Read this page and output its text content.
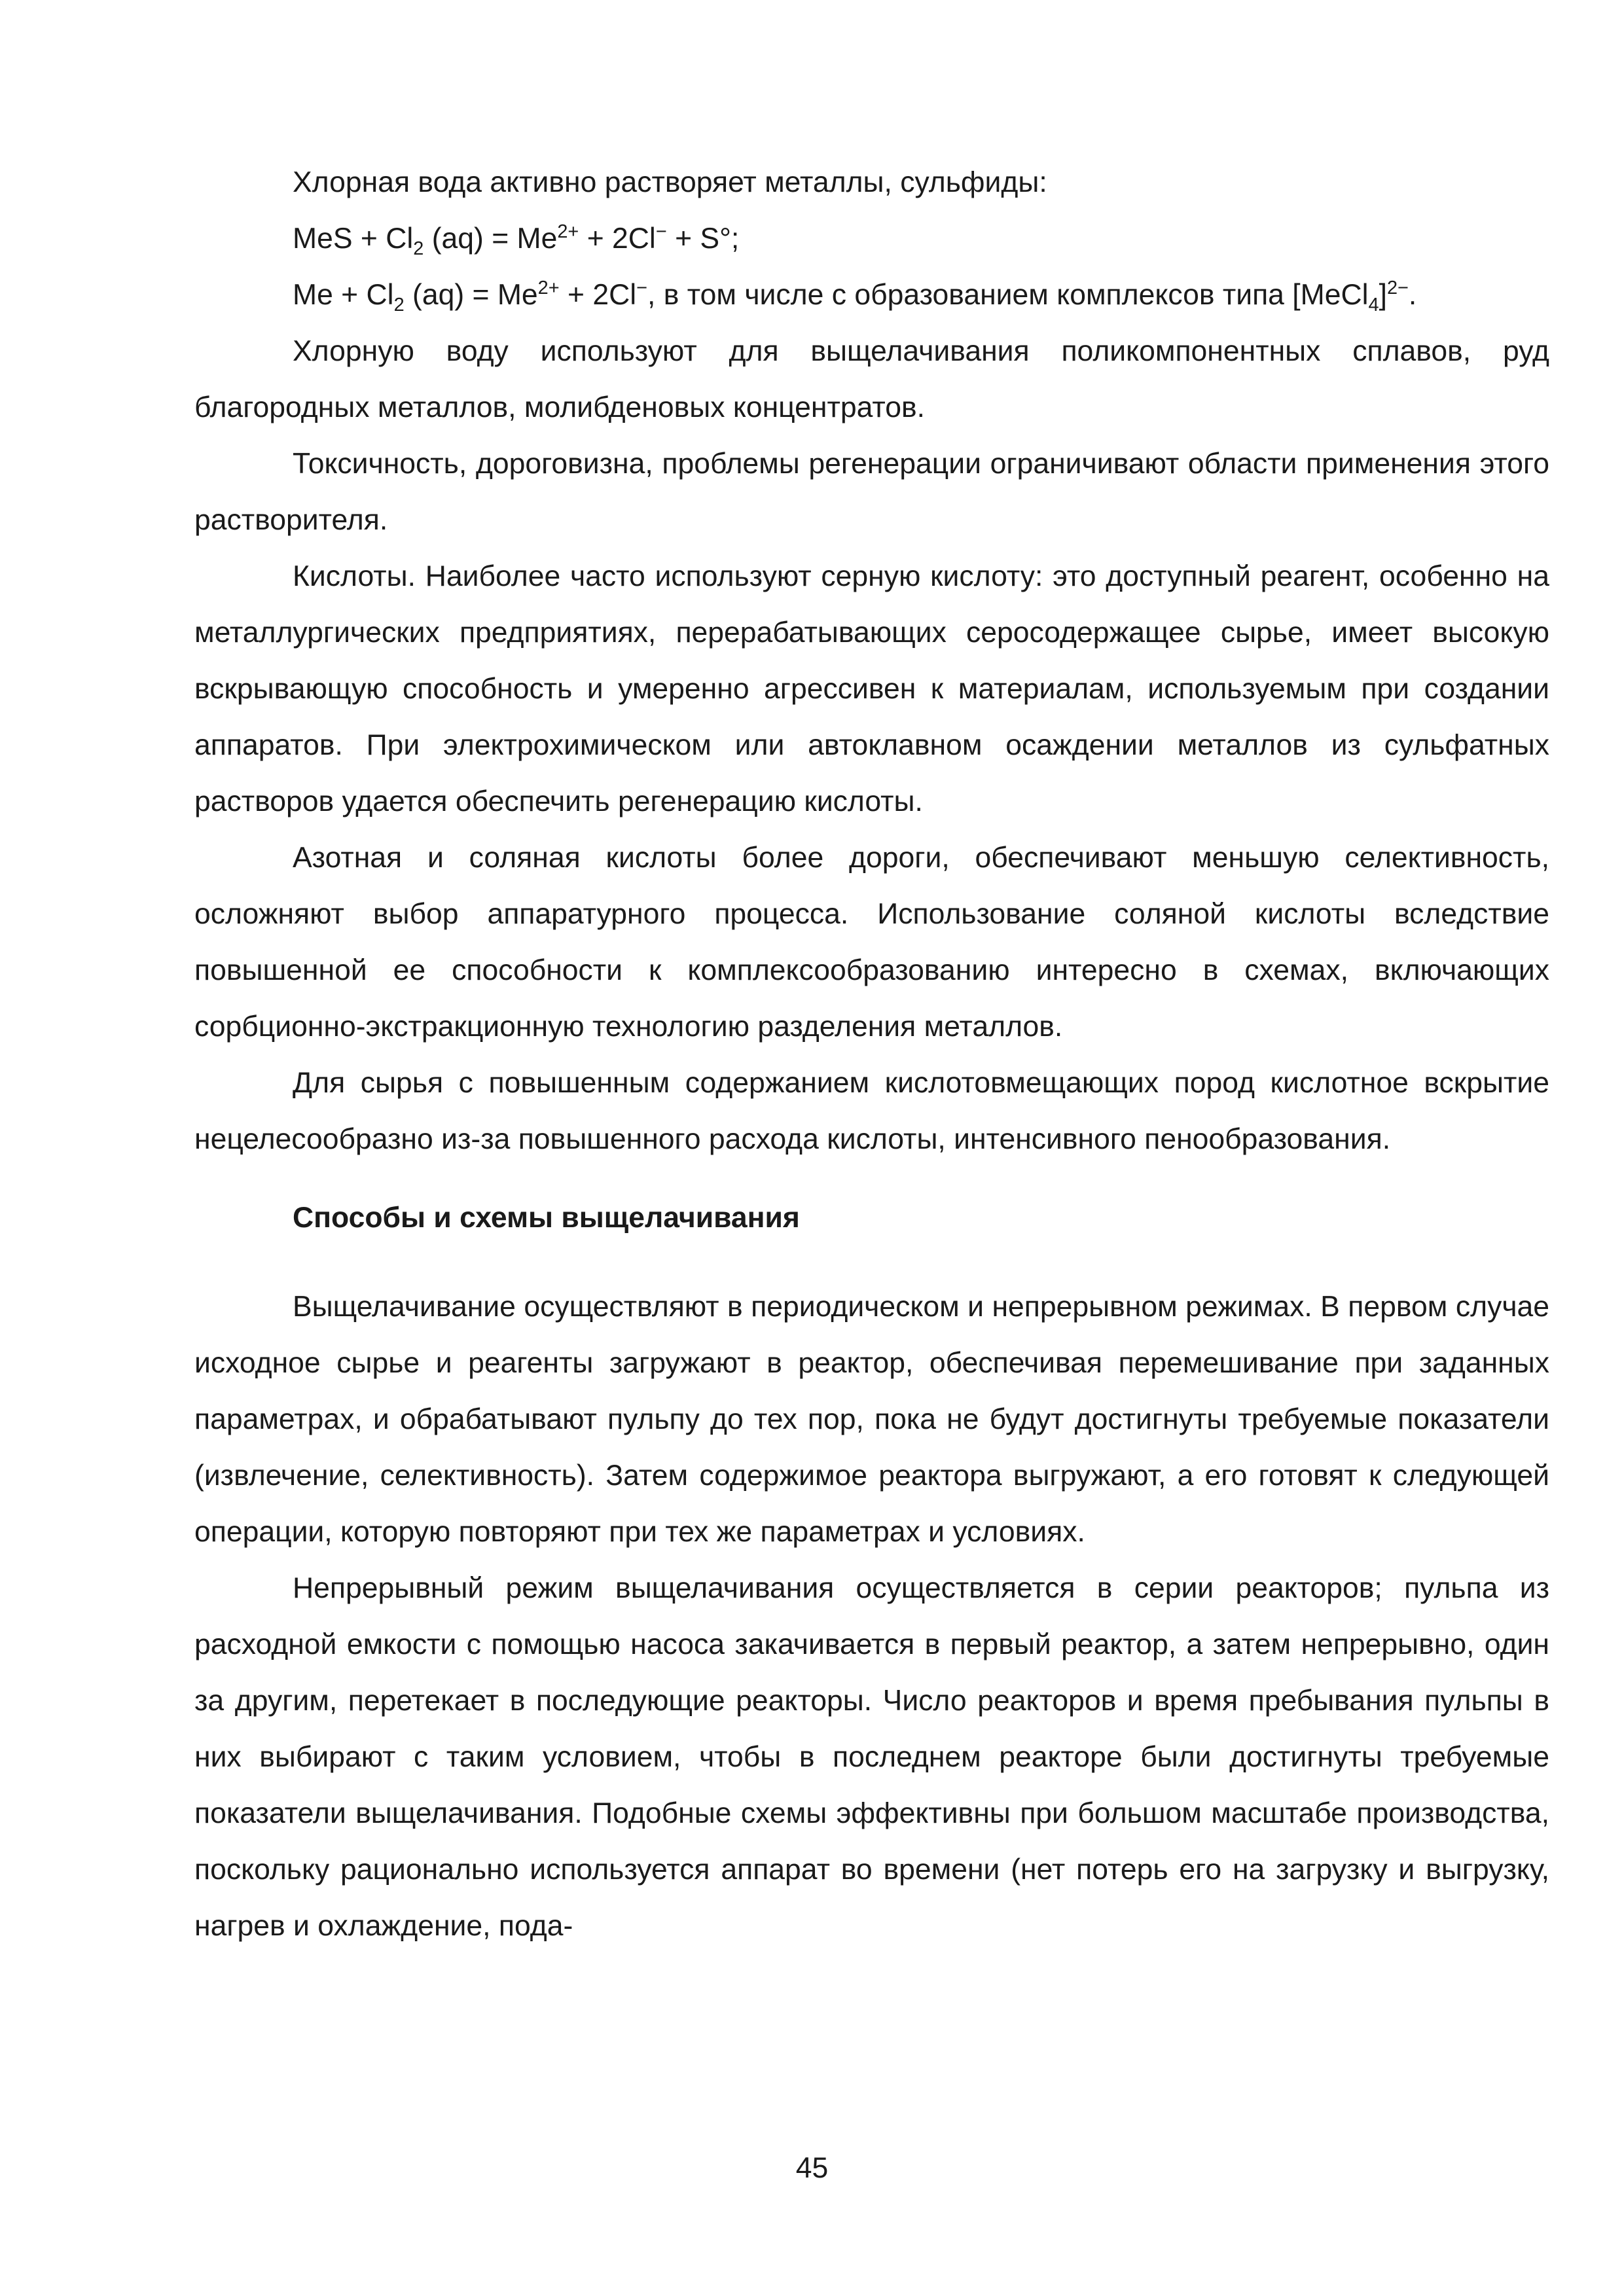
Хлорная вода активно растворяет металлы, сульфиды:

MeS + $Cl_2$ $(aq) = Me^{2+} + 2Cl^- + S^\circ$;

$Me + Cl_2$ $(aq) = Me^{2+} + 2Cl^-$, в том числе с образованием комплексов типа [MeCl$_4$]$^{2-}$.

Хлорную воду используют для выщелачивания поликомпонентных сплавов, руд благородных металлов, молибденовых концентратов.

Токсичность, дороговизна, проблемы регенерации ограничивают области применения этого растворителя.

Кислоты. Наиболее часто используют серную кислоту: это доступный реагент, особенно на металлургических предприятиях, перерабатывающих серосодержащее сырье, имеет высокую вскрывающую способность и умеренно агрессивен к материалам, используемым при создании аппаратов. При электрохимическом или автоклавном осаждении металлов из сульфатных растворов удается обеспечить регенерацию кислоты.

Азотная и соляная кислоты более дороги, обеспечивают меньшую селективность, осложняют выбор аппаратурного процесса. Использование соляной кислоты вследствие повышенной ее способности к комплексообразованию интересно в схемах, включающих сорбционно-экстракционную технологию разделения металлов.

Для сырья с повышенным содержанием кислотовмещающих пород кислотное вскрытие нецелесообразно из-за повышенного расхода кислоты, интенсивного пенообразования.

Способы и схемы выщелачивания

Выщелачивание осуществляют в периодическом и непрерывном режимах. В первом случае исходное сырье и реагенты загружают в реактор, обеспечивая перемешивание при заданных параметрах, и обрабатывают пульпу до тех пор, пока не будут достигнуты требуемые показатели (извлечение, селективность). Затем содержимое реактора выгружают, а его готовят к следующей операции, которую повторяют при тех же параметрах и условиях.

Непрерывный режим выщелачивания осуществляется в серии реакторов; пульпа из расходной емкости с помощью насоса закачивается в первый реактор, а затем непрерывно, один за другим, перетекает в последующие реакторы. Число реакторов и время пребывания пульпы в них выбирают с таким условием, чтобы в последнем реакторе были достигнуты требуемые показатели выщелачивания. Подобные схемы эффективны при большом масштабе производства, поскольку рационально используется аппарат во времени (нет потерь его на загрузку и выгрузку, нагрев и охлаждение, пода-

45
